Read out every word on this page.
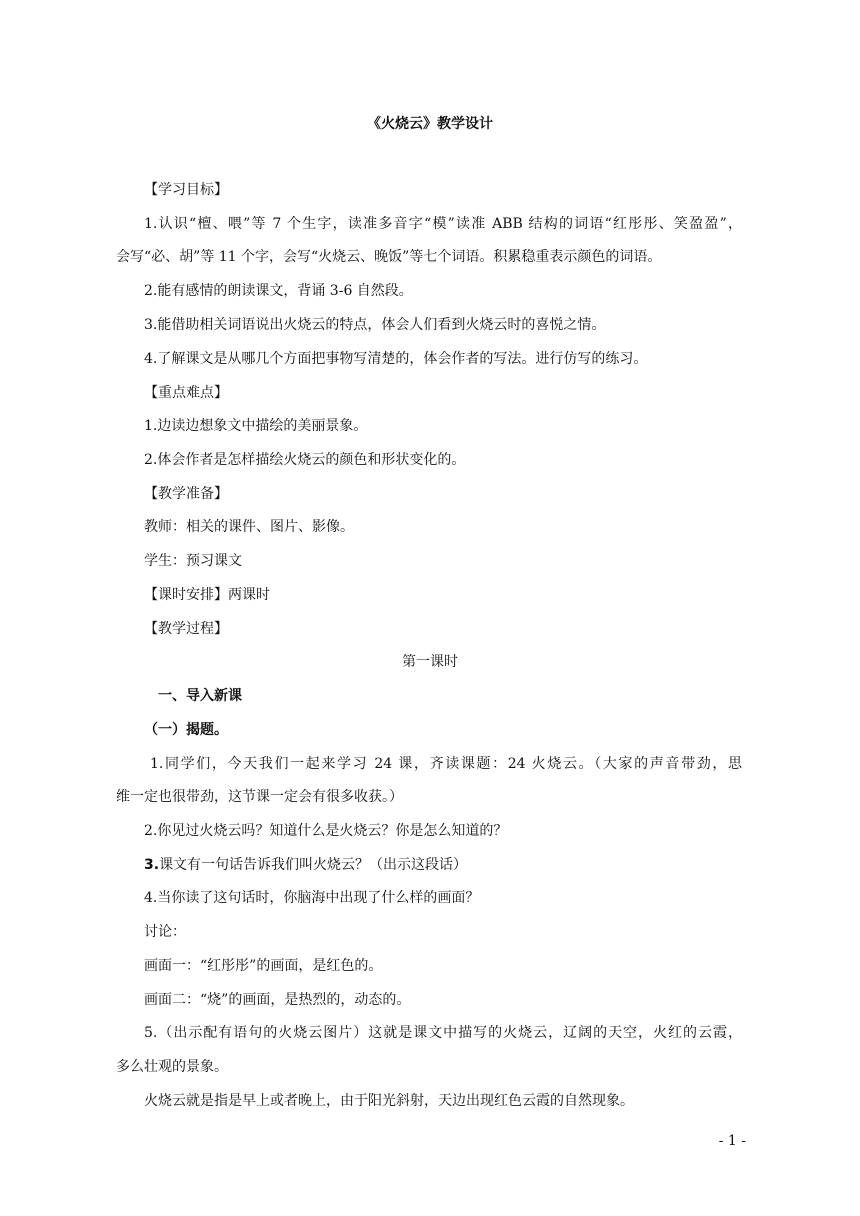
《火烧云》教学设计
【学习目标】
1.认识“檀、喂”等 7 个生字，读准多音字“模”读准 ABB 结构的词语“红彤彤、笑盈盈”，
会写“必、胡”等 11 个字，会写“火烧云、晚饭”等七个词语。积累稳重表示颜色的词语。
2.能有感情的朗读课文，背诵 3-6 自然段。
3.能借助相关词语说出火烧云的特点，体会人们看到火烧云时的喜悦之情。
4.了解课文是从哪几个方面把事物写清楚的，体会作者的写法。进行仿写的练习。
【重点难点】
1.边读边想象文中描绘的美丽景象。
2.体会作者是怎样描绘火烧云的颜色和形状变化的。
【教学准备】
教师：相关的课件、图片、影像。
学生：预习课文
【课时安排】两课时
【教学过程】
第一课时
一、导入新课
（一）揭题。
1.同学们，今天我们一起来学习 24 课，齐读课题：24 火烧云。（大家的声音带劲，思
维一定也很带劲，这节课一定会有很多收获。）
2.你见过火烧云吗？知道什么是火烧云？你是怎么知道的？
3.课文有一句话告诉我们叫火烧云？（出示这段话）
4.当你读了这句话时，你脑海中出现了什么样的画面？
讨论：
画面一：“红彤彤”的画面，是红色的。
画面二：“烧”的画面，是热烈的，动态的。
5.（出示配有语句的火烧云图片）这就是课文中描写的火烧云，辽阔的天空，火红的云霞，
多么壮观的景象。
火烧云就是指是早上或者晚上，由于阳光斜射，天边出现红色云霞的自然现象。
- 1 -
